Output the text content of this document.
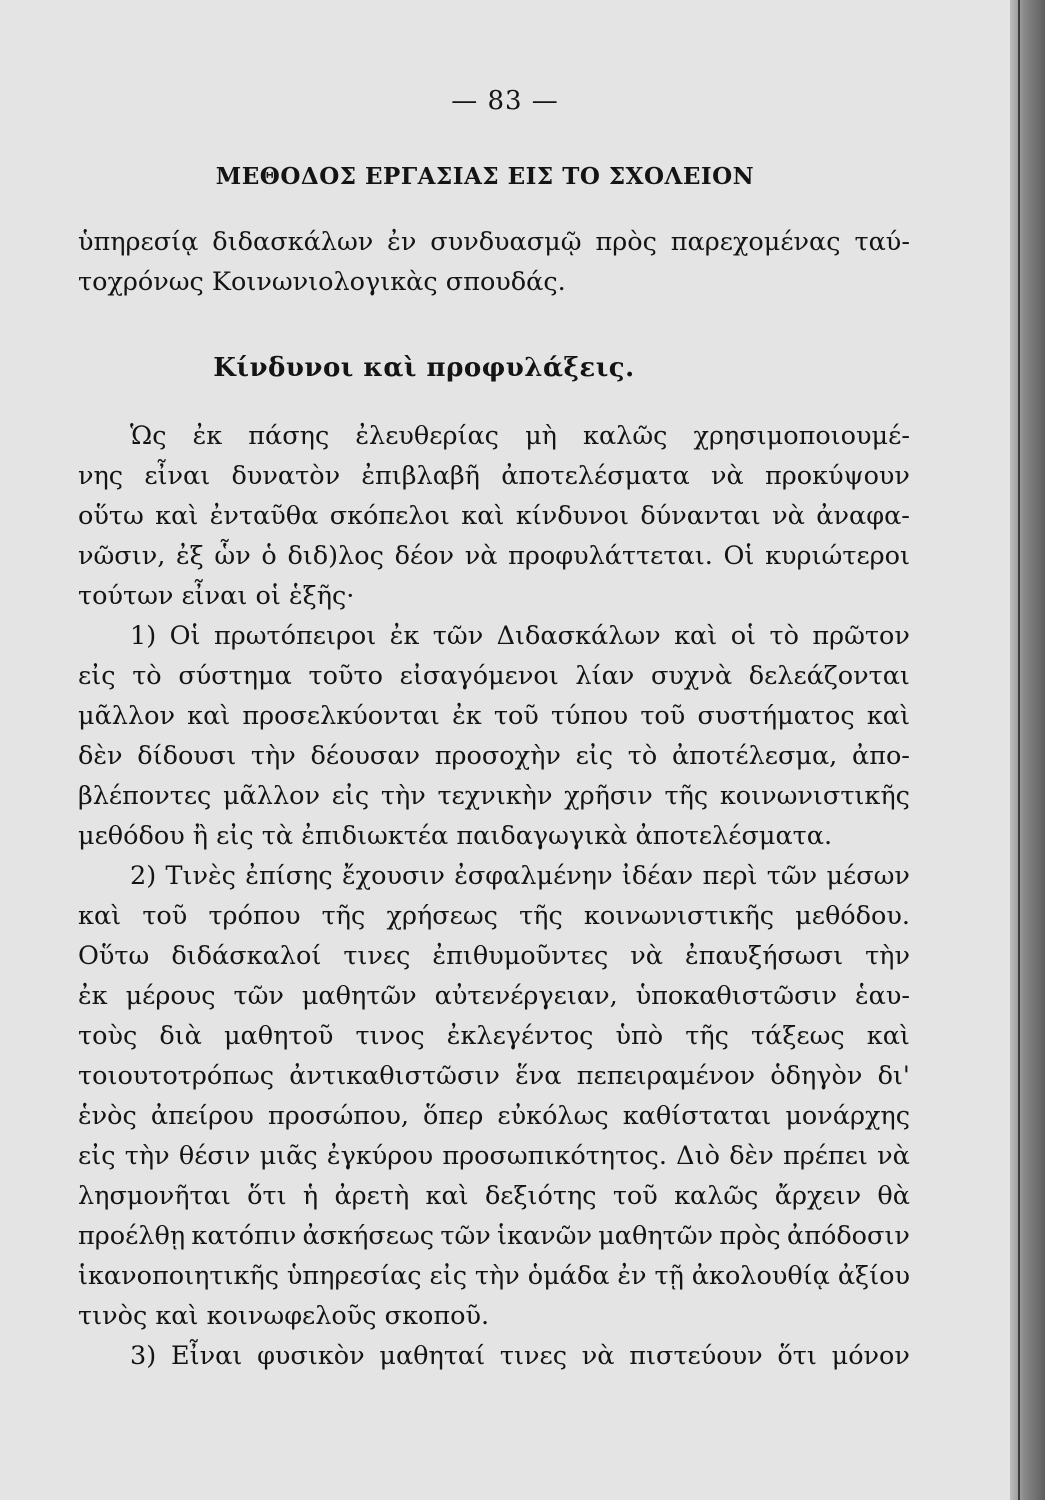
— 83 —
ΜΕΘΟΔΟΣ ΕΡΓΑΣΙΑΣ ΕΙΣ ΤΟ ΣΧΟΛΕΙΟΝ
ὑπηρεσίᾳ διδασκάλων ἐν συνδυασμῷ πρὸς παρεχομένας ταύ-
τοχρόνως Κοινωνιολογικὰς σπουδάς.
Κίνδυνοι καὶ προφυλάξεις.
Ὡς ἐκ πάσης ἐλευθερίας μὴ καλῶς χρησιμοποιουμέ-
νης εἶναι δυνατὸν ἐπιβλαβῆ ἀποτελέσματα νὰ προκύψουν
οὕτω καὶ ἐνταῦθα σκόπελοι καὶ κίνδυνοι δύνανται νὰ ἀναφα-
νῶσιν, ἐξ ὧν ὁ διδ)λος δέον νὰ προφυλάττεται. Οἱ κυριώτεροι
τούτων εἶναι οἱ ἑξῆς·
1) Οἱ πρωτόπειροι ἐκ τῶν Διδασκάλων καὶ οἱ τὸ πρῶτον
εἰς τὸ σύστημα τοῦτο εἰσαγόμενοι λίαν συχνὰ δελεάζονται
μᾶλλον καὶ προσελκύονται ἐκ τοῦ τύπου τοῦ συστήματος καὶ
δὲν δίδουσι τὴν δέουσαν προσοχὴν εἰς τὸ ἀποτέλεσμα, ἀπο-
βλέποντες μᾶλλον εἰς τὴν τεχνικὴν χρῆσιν τῆς κοινωνιστικῆς
μεθόδου ἢ εἰς τὰ ἐπιδιωκτέα παιδαγωγικὰ ἀποτελέσματα.
2) Τινὲς ἐπίσης ἔχουσιν ἐσφαλμένην ἰδέαν περὶ τῶν μέσων
καὶ τοῦ τρόπου τῆς χρήσεως τῆς κοινωνιστικῆς μεθόδου.
Οὕτω διδάσκαλοί τινες ἐπιθυμοῦντες νὰ ἐπαυξήσωσι τὴν
ἐκ μέρους τῶν μαθητῶν αὐτενέργειαν, ὑποκαθιστῶσιν ἑαυ-
τοὺς διὰ μαθητοῦ τινος ἐκλεγέντος ὑπὸ τῆς τάξεως καὶ
τοιουτοτρόπως ἀντικαθιστῶσιν ἕνα πεπειραμένον ὁδηγὸν δι'
ἑνὸς ἀπείρου προσώπου, ὅπερ εὐκόλως καθίσταται μονάρχης
εἰς τὴν θέσιν μιᾶς ἐγκύρου προσωπικότητος. Διὸ δὲν πρέπει νὰ
λησμονῆται ὅτι ἡ ἀρετὴ καὶ δεξιότης τοῦ καλῶς ἄρχειν θὰ
προέλθῃ κατόπιν ἀσκήσεως τῶν ἱκανῶν μαθητῶν πρὸς ἀπόδοσιν
ἱκανοποιητικῆς ὑπηρεσίας εἰς τὴν ὁμάδα ἐν τῇ ἀκολουθίᾳ ἀξίου
τινὸς καὶ κοινωφελοῦς σκοποῦ.
3) Εἶναι φυσικὸν μαθηταί τινες νὰ πιστεύουν ὅτι μόνον
